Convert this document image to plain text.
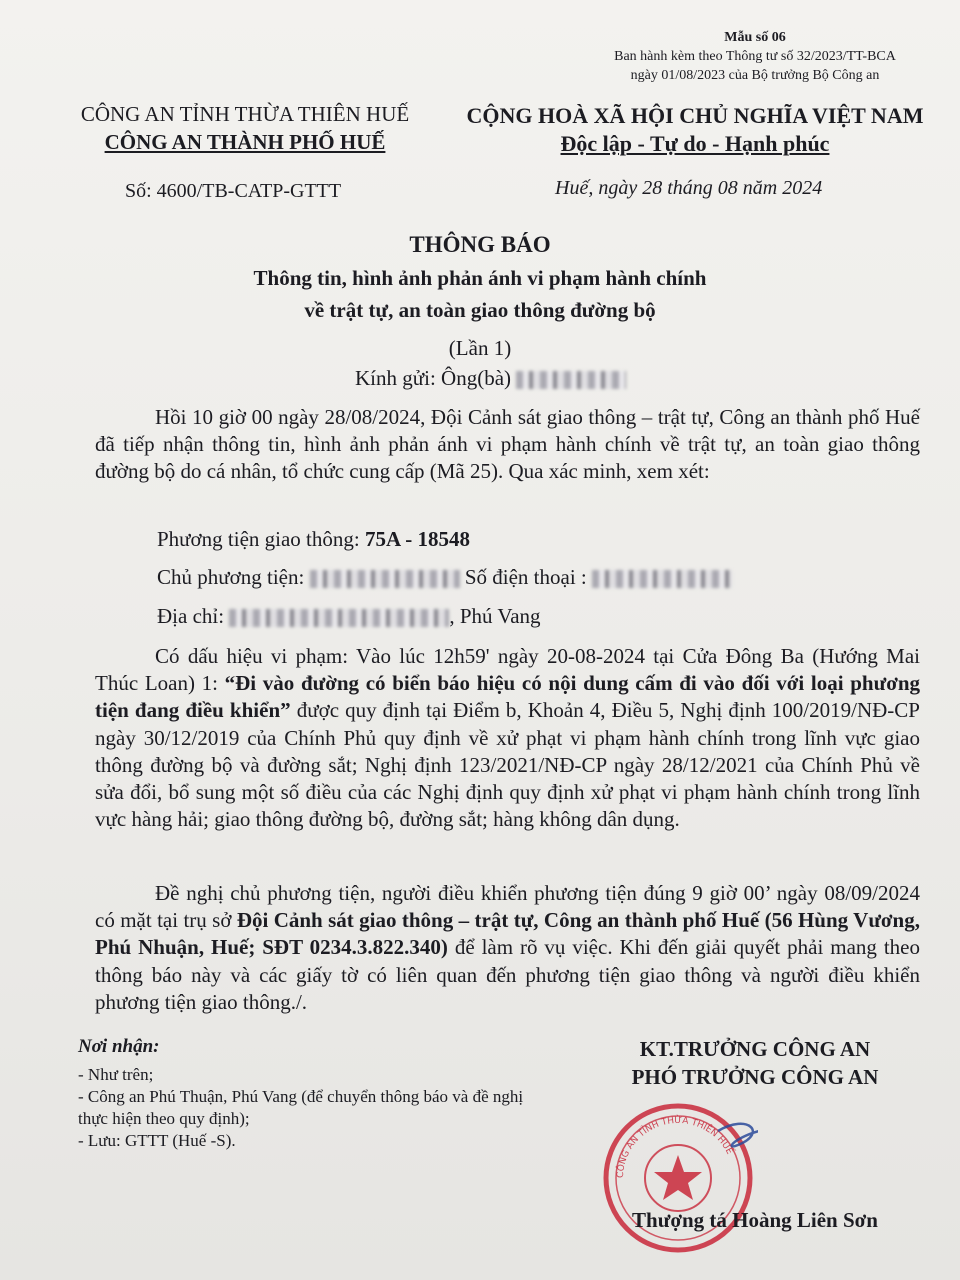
Mẫu số 06
Ban hành kèm theo Thông tư số 32/2023/TT-BCA
ngày 01/08/2023 của Bộ trưởng Bộ Công an
CÔNG AN TỈNH THỪA THIÊN HUẾ
CÔNG AN THÀNH PHỐ HUẾ
CỘNG HOÀ XÃ HỘI CHỦ NGHĨA VIỆT NAM
Độc lập - Tự do - Hạnh phúc
Số: 4600/TB-CATP-GTTT	Huế, ngày 28 tháng 08 năm 2024
THÔNG BÁO
Thông tin, hình ảnh phản ánh vi phạm hành chính
về trật tự, an toàn giao thông đường bộ
(Lần 1)
Kính gửi: Ông(bà)
Hồi 10 giờ 00 ngày 28/08/2024, Đội Cảnh sát giao thông – trật tự, Công an thành phố Huế đã tiếp nhận thông tin, hình ảnh phản ánh vi phạm hành chính về trật tự, an toàn giao thông đường bộ do cá nhân, tổ chức cung cấp (Mã 25). Qua xác minh, xem xét:
Phương tiện giao thông: 75A - 18548
Chủ phương tiện:	Số điện thoại :
Địa chỉ:	, Phú Vang
Có dấu hiệu vi phạm: Vào lúc 12h59' ngày 20-08-2024 tại Cửa Đông Ba (Hướng Mai Thúc Loan) 1: “Đi vào đường có biển báo hiệu có nội dung cấm đi vào đối với loại phương tiện đang điều khiển” được quy định tại Điểm b, Khoản 4, Điều 5, Nghị định 100/2019/NĐ-CP ngày 30/12/2019 của Chính Phủ quy định về xử phạt vi phạm hành chính trong lĩnh vực giao thông đường bộ và đường sắt; Nghị định 123/2021/NĐ-CP ngày 28/12/2021 của Chính Phủ về sửa đổi, bổ sung một số điều của các Nghị định quy định xử phạt vi phạm hành chính trong lĩnh vực hàng hải; giao thông đường bộ, đường sắt; hàng không dân dụng.
Đề nghị chủ phương tiện, người điều khiển phương tiện đúng 9 giờ 00’ ngày 08/09/2024 có mặt tại trụ sở Đội Cảnh sát giao thông – trật tự, Công an thành phố Huế (56 Hùng Vương, Phú Nhuận, Huế; SĐT 0234.3.822.340) để làm rõ vụ việc. Khi đến giải quyết phải mang theo thông báo này và các giấy tờ có liên quan đến phương tiện giao thông và người điều khiển phương tiện giao thông./.
Nơi nhận:
- Như trên;
- Công an Phú Thuận, Phú Vang (để chuyển thông báo và đề nghị thực hiện theo quy định);
- Lưu: GTTT (Huế -S).
KT.TRƯỞNG CÔNG AN
PHÓ TRƯỞNG CÔNG AN
CÔNG AN TỈNH THỪA THIÊN HUẾ
Thượng tá Hoàng Liên Sơn
